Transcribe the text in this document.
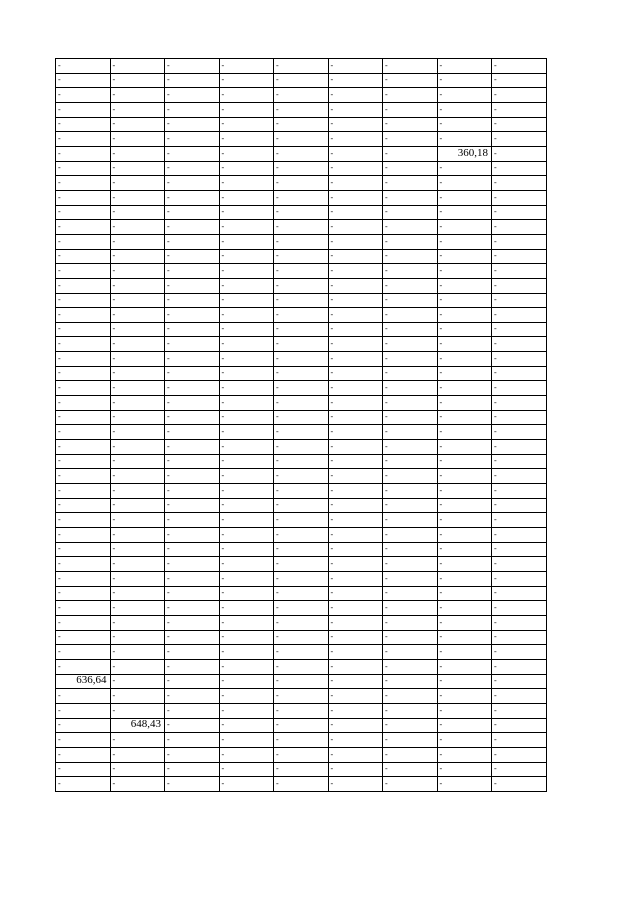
-	-	-	-	-	-	-	-	-

-	-	-	-	-	-	-	-	-

-	-	-	-	-	-	-	-	-

-	-	-	-	-	-	-	-	-

-	-	-	-	-	-	-	-	-

-	-	-	-	-	-	-	-	-

-	-	-	-	-	-	-	360,18	-

-	-	-	-	-	-	-	-	-

-	-	-	-	-	-	-	-	-

-	-	-	-	-	-	-	-	-

-	-	-	-	-	-	-	-	-

-	-	-	-	-	-	-	-	-

-	-	-	-	-	-	-	-	-

-	-	-	-	-	-	-	-	-

-	-	-	-	-	-	-	-	-

-	-	-	-	-	-	-	-	-

-	-	-	-	-	-	-	-	-

-	-	-	-	-	-	-	-	-

-	-	-	-	-	-	-	-	-

-	-	-	-	-	-	-	-	-

-	-	-	-	-	-	-	-	-

-	-	-	-	-	-	-	-	-

-	-	-	-	-	-	-	-	-

-	-	-	-	-	-	-	-	-

-	-	-	-	-	-	-	-	-

-	-	-	-	-	-	-	-	-

-	-	-	-	-	-	-	-	-

-	-	-	-	-	-	-	-	-

-	-	-	-	-	-	-	-	-

-	-	-	-	-	-	-	-	-

-	-	-	-	-	-	-	-	-

-	-	-	-	-	-	-	-	-

-	-	-	-	-	-	-	-	-

-	-	-	-	-	-	-	-	-

-	-	-	-	-	-	-	-	-

-	-	-	-	-	-	-	-	-

-	-	-	-	-	-	-	-	-

-	-	-	-	-	-	-	-	-

-	-	-	-	-	-	-	-	-

-	-	-	-	-	-	-	-	-

-	-	-	-	-	-	-	-	-

-	-	-	-	-	-	-	-	-

636,64	-	-	-	-	-	-	-	-

-	-	-	-	-	-	-	-	-

-	-	-	-	-	-	-	-	-

-	648,43	-	-	-	-	-	-	-

-	-	-	-	-	-	-	-	-

-	-	-	-	-	-	-	-	-

-	-	-	-	-	-	-	-	-

-	-	-	-	-	-	-	-	-
